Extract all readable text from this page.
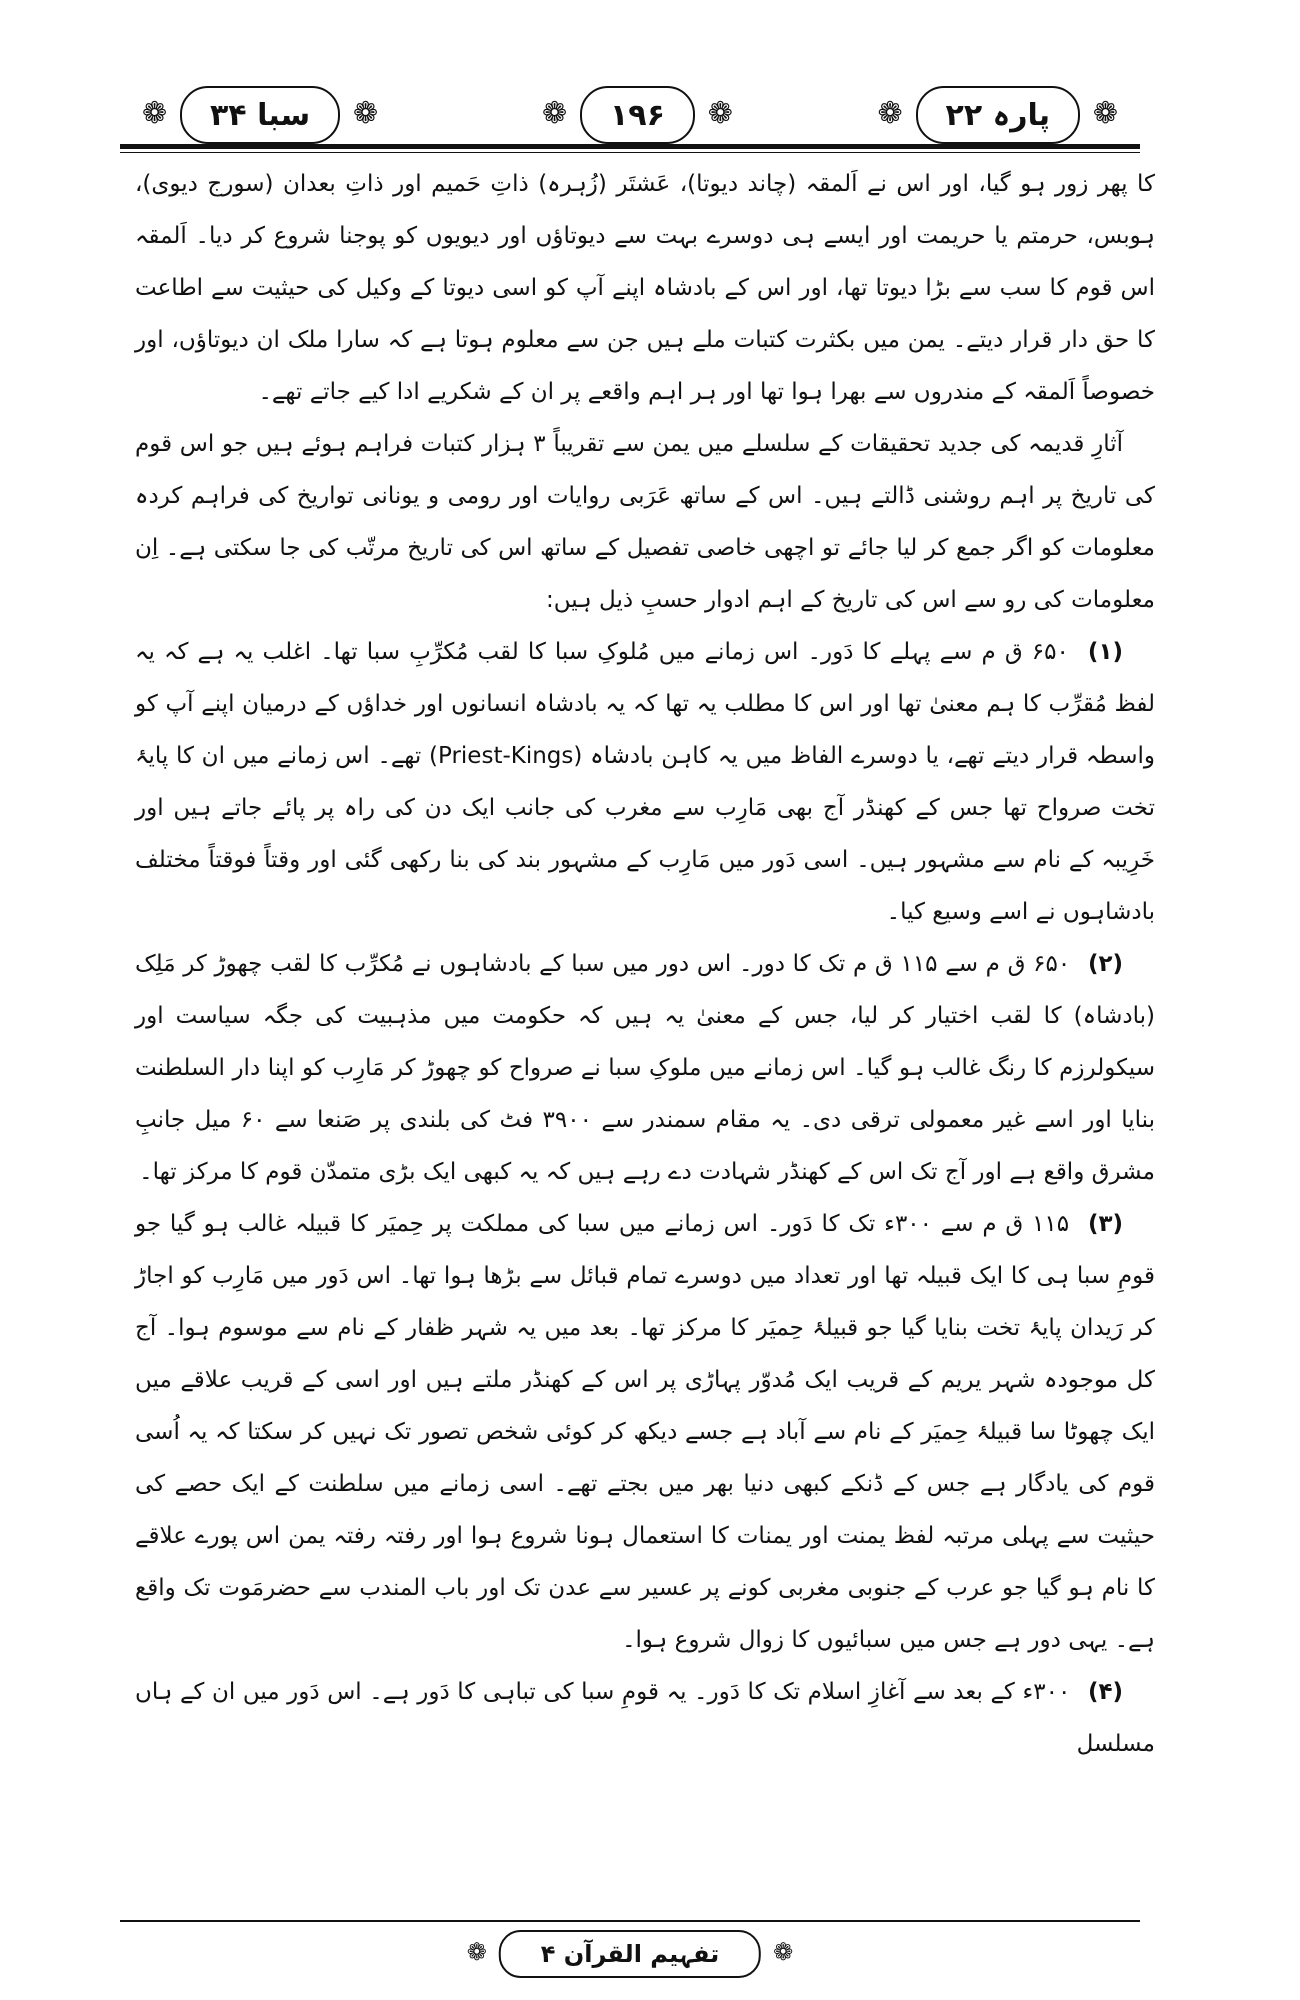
❁ سبا ۳۴ ❁	❁ ۱۹۶ ❁	❁ پارہ ۲۲ ❁

کا پھر زور ہو گیا، اور اس نے اَلمقہ (چاند دیوتا)، عَشتَر (زُہرہ) ذاتِ حَمیم اور ذاتِ بعدان (سورج دیوی)، ہوبس، حرمتم یا حریمت اور ایسے ہی دوسرے بہت سے دیوتاؤں اور دیویوں کو پوجنا شروع کر دیا۔ اَلمقہ اس قوم کا سب سے بڑا دیوتا تھا، اور اس کے بادشاہ اپنے آپ کو اسی دیوتا کے وکیل کی حیثیت سے اطاعت کا حق دار قرار دیتے۔ یمن میں بکثرت کتبات ملے ہیں جن سے معلوم ہوتا ہے کہ سارا ملک ان دیوتاؤں، اور خصوصاً اَلمقہ کے مندروں سے بھرا ہوا تھا اور ہر اہم واقعے پر ان کے شکریے ادا کیے جاتے تھے۔

آثارِ قدیمہ کی جدید تحقیقات کے سلسلے میں یمن سے تقریباً ۳ ہزار کتبات فراہم ہوئے ہیں جو اس قوم کی تاریخ پر اہم روشنی ڈالتے ہیں۔ اس کے ساتھ عَرَبی روایات اور رومی و یونانی تواریخ کی فراہم کردہ معلومات کو اگر جمع کر لیا جائے تو اچھی خاصی تفصیل کے ساتھ اس کی تاریخ مرتّب کی جا سکتی ہے۔ اِن معلومات کی رو سے اس کی تاریخ کے اہم ادوار حسبِ ذیل ہیں:

(۱) ۶۵۰ ق م سے پہلے کا دَور۔ اس زمانے میں مُلوکِ سبا کا لقب مُکرِّبِ سبا تھا۔ اغلب یہ ہے کہ یہ لفظ مُقرِّب کا ہم معنیٰ تھا اور اس کا مطلب یہ تھا کہ یہ بادشاہ انسانوں اور خداؤں کے درمیان اپنے آپ کو واسطہ قرار دیتے تھے، یا دوسرے الفاظ میں یہ کاہن بادشاہ (Priest-Kings) تھے۔ اس زمانے میں ان کا پایۂ تخت صرواح تھا جس کے کھنڈر آج بھی مَارِب سے مغرب کی جانب ایک دن کی راہ پر پائے جاتے ہیں اور خَرِیبہ کے نام سے مشہور ہیں۔ اسی دَور میں مَارِب کے مشہور بند کی بنا رکھی گئی اور وقتاً فوقتاً مختلف بادشاہوں نے اسے وسیع کیا۔

(۲) ۶۵۰ ق م سے ۱۱۵ ق م تک کا دور۔ اس دور میں سبا کے بادشاہوں نے مُکرِّب کا لقب چھوڑ کر مَلِک (بادشاہ) کا لقب اختیار کر لیا، جس کے معنیٰ یہ ہیں کہ حکومت میں مذہبیت کی جگہ سیاست اور سیکولرزم کا رنگ غالب ہو گیا۔ اس زمانے میں ملوکِ سبا نے صرواح کو چھوڑ کر مَارِب کو اپنا دار السلطنت بنایا اور اسے غیر معمولی ترقی دی۔ یہ مقام سمندر سے ۳۹۰۰ فٹ کی بلندی پر صَنعا سے ۶۰ میل جانبِ مشرق واقع ہے اور آج تک اس کے کھنڈر شہادت دے رہے ہیں کہ یہ کبھی ایک بڑی متمدّن قوم کا مرکز تھا۔

(۳) ۱۱۵ ق م سے ۳۰۰ء تک کا دَور۔ اس زمانے میں سبا کی مملکت پر حِمیَر کا قبیلہ غالب ہو گیا جو قومِ سبا ہی کا ایک قبیلہ تھا اور تعداد میں دوسرے تمام قبائل سے بڑھا ہوا تھا۔ اس دَور میں مَارِب کو اجاڑ کر رَیدان پایۂ تخت بنایا گیا جو قبیلۂ حِمیَر کا مرکز تھا۔ بعد میں یہ شہر ظفار کے نام سے موسوم ہوا۔ آج کل موجودہ شہر یریم کے قریب ایک مُدوّر پہاڑی پر اس کے کھنڈر ملتے ہیں اور اسی کے قریب علاقے میں ایک چھوٹا سا قبیلۂ حِمیَر کے نام سے آباد ہے جسے دیکھ کر کوئی شخص تصور تک نہیں کر سکتا کہ یہ اُسی قوم کی یادگار ہے جس کے ڈنکے کبھی دنیا بھر میں بجتے تھے۔ اسی زمانے میں سلطنت کے ایک حصے کی حیثیت سے پہلی مرتبہ لفظ یمنت اور یمنات کا استعمال ہونا شروع ہوا اور رفتہ رفتہ یمن اس پورے علاقے کا نام ہو گیا جو عرب کے جنوبی مغربی کونے پر عسیر سے عدن تک اور باب المندب سے حضرمَوت تک واقع ہے۔ یہی دور ہے جس میں سبائیوں کا زوال شروع ہوا۔

(۴) ۳۰۰ء کے بعد سے آغازِ اسلام تک کا دَور۔ یہ قومِ سبا کی تباہی کا دَور ہے۔ اس دَور میں ان کے ہاں مسلسل

❁ تفہیم القرآن ۴ ❁
